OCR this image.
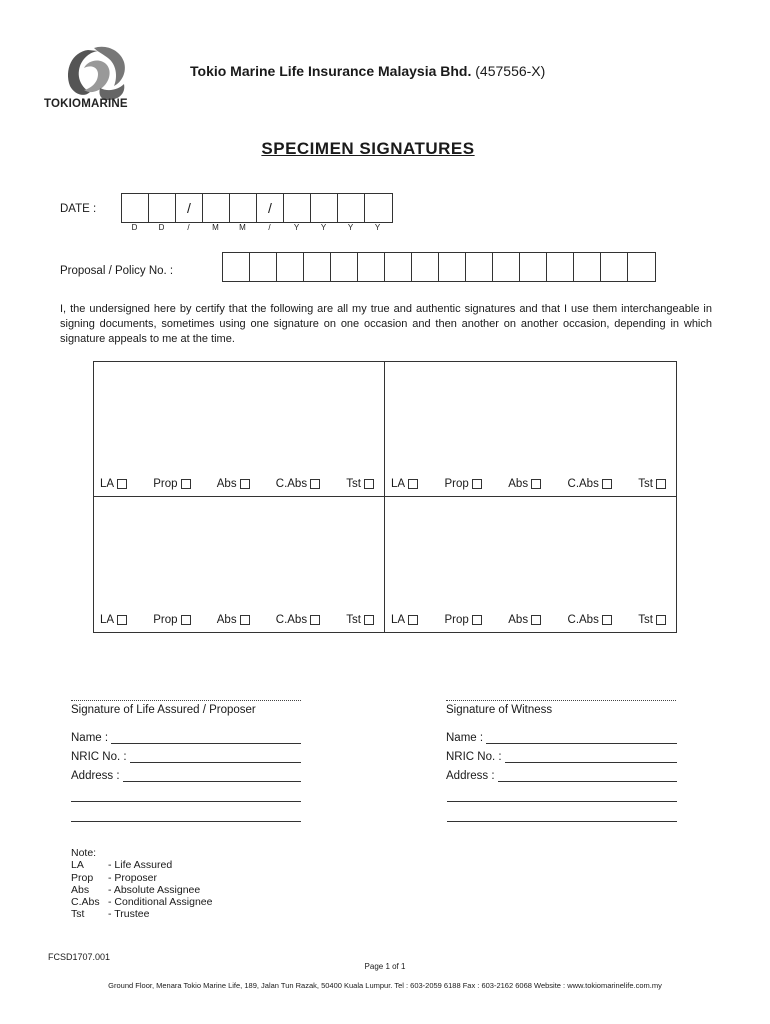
TOKIOMARINE
Tokio Marine Life Insurance Malaysia Bhd. (457556-X)
SPECIMEN SIGNATURES
DATE :	/	/
D	D	/	M	M	/	Y	Y	Y	Y
Proposal / Policy No. :
I, the undersigned here by certify that the following are all my true and authentic signatures and that I use them interchangeable in signing documents, sometimes using one signature on one occasion and then another on another occasion, depending in which signature appeals to me at the time.
LA	Prop	Abs	C.Abs	Tst	LA	Prop	Abs	C.Abs	Tst
LA	Prop	Abs	C.Abs	Tst	LA	Prop	Abs	C.Abs	Tst
Signature of Life Assured / Proposer
Name :
NRIC No. :
Address :
Signature of Witness
Name :
NRIC No. :
Address :
Note:
LA	- Life Assured
Prop	- Proposer
Abs	- Absolute Assignee
C.Abs	- Conditional Assignee
Tst	- Trustee
FCSD1707.001
Page 1 of 1
Ground Floor, Menara Tokio Marine Life, 189, Jalan Tun Razak, 50400 Kuala Lumpur. Tel : 603-2059 6188 Fax : 603-2162 6068 Website : www.tokiomarinelife.com.my
